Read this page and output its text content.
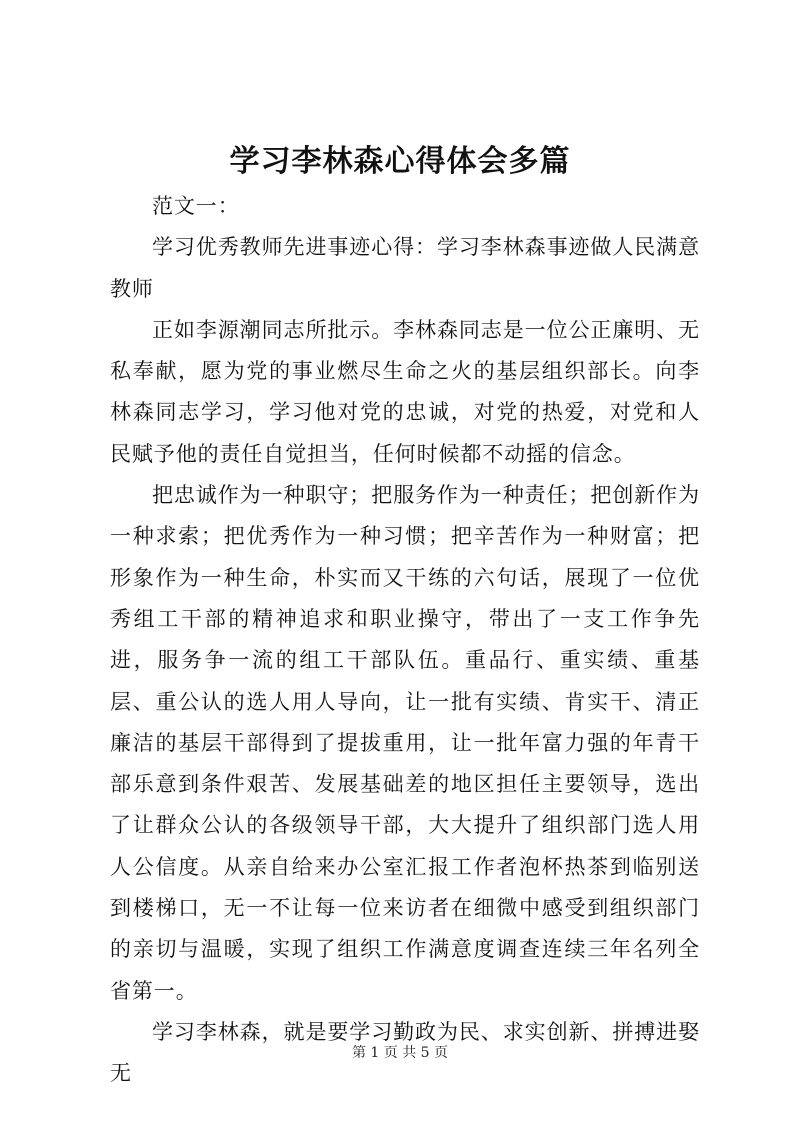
学习李林森心得体会多篇

范文一：

学习优秀教师先进事迹心得：学习李林森事迹做人民满意教师

正如李源潮同志所批示。李林森同志是一位公正廉明、无私奉献，愿为党的事业燃尽生命之火的基层组织部长。向李林森同志学习，学习他对党的忠诚，对党的热爱，对党和人民赋予他的责任自觉担当，任何时候都不动摇的信念。

把忠诚作为一种职守；把服务作为一种责任；把创新作为一种求索；把优秀作为一种习惯；把辛苦作为一种财富；把形象作为一种生命，朴实而又干练的六句话，展现了一位优秀组工干部的精神追求和职业操守，带出了一支工作争先进，服务争一流的组工干部队伍。重品行、重实绩、重基层、重公认的选人用人导向，让一批有实绩、肯实干、清正廉洁的基层干部得到了提拔重用，让一批年富力强的年青干部乐意到条件艰苦、发展基础差的地区担任主要领导，选出了让群众公认的各级领导干部，大大提升了组织部门选人用人公信度。从亲自给来办公室汇报工作者泡杯热茶到临别送到楼梯口，无一不让每一位来访者在细微中感受到组织部门的亲切与温暖，实现了组织工作满意度调查连续三年名列全省第一。

学习李林森，就是要学习勤政为民、求实创新、拼搏进娶无

第 1 页 共 5 页
